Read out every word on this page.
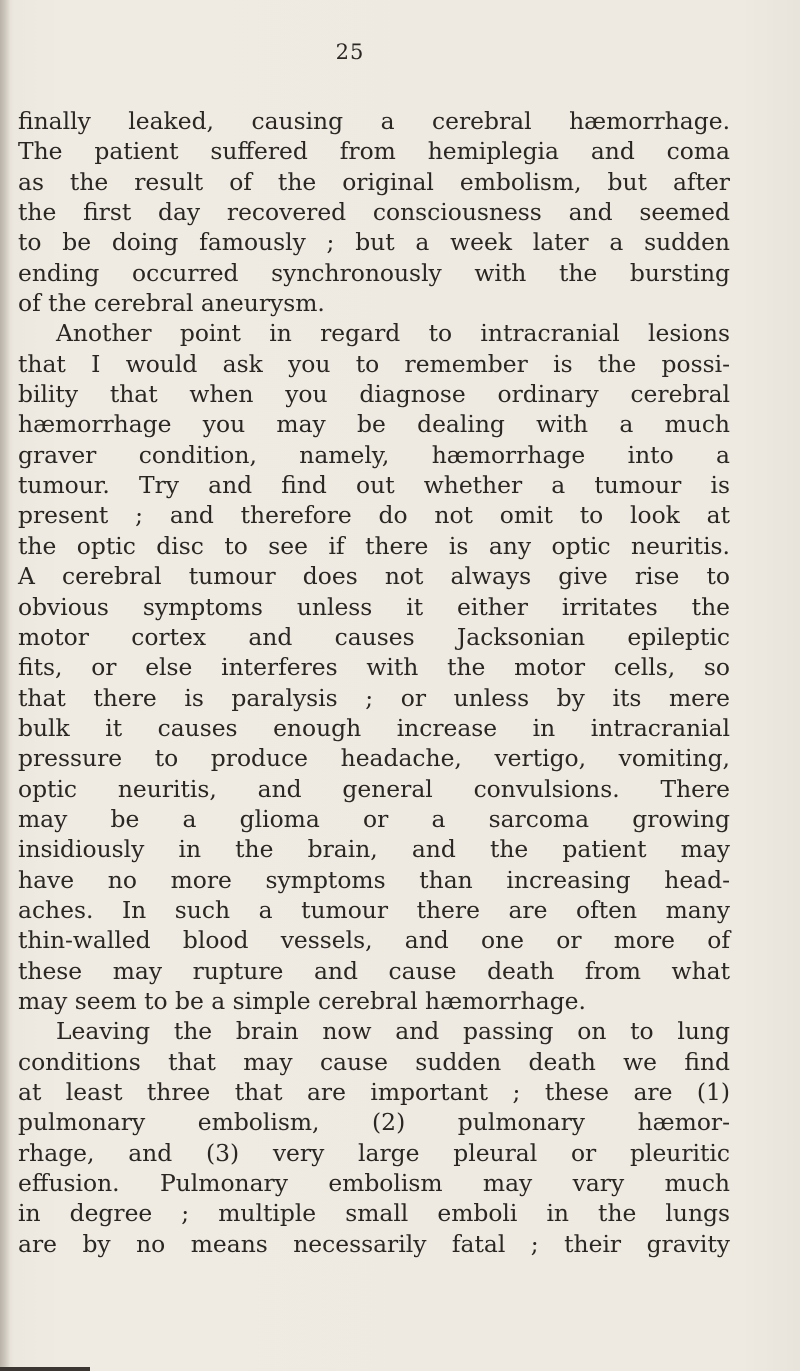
25
finally leaked, causing a cerebral hæmorrhage.
The patient suffered from hemiplegia and coma
as the result of the original embolism, but after
the first day recovered consciousness and seemed
to be doing famously ; but a week later a sudden
ending occurred synchronously with the bursting
of the cerebral aneurysm.
Another point in regard to intracranial lesions
that I would ask you to remember is the possi-
bility that when you diagnose ordinary cerebral
hæmorrhage you may be dealing with a much
graver condition, namely, hæmorrhage into a
tumour. Try and find out whether a tumour is
present ; and therefore do not omit to look at
the optic disc to see if there is any optic neuritis.
A cerebral tumour does not always give rise to
obvious symptoms unless it either irritates the
motor cortex and causes Jacksonian epileptic
fits, or else interferes with the motor cells, so
that there is paralysis ; or unless by its mere
bulk it causes enough increase in intracranial
pressure to produce headache, vertigo, vomiting,
optic neuritis, and general convulsions. There
may be a glioma or a sarcoma growing
insidiously in the brain, and the patient may
have no more symptoms than increasing head-
aches. In such a tumour there are often many
thin-walled blood vessels, and one or more of
these may rupture and cause death from what
may seem to be a simple cerebral hæmorrhage.
Leaving the brain now and passing on to lung
conditions that may cause sudden death we find
at least three that are important ; these are (1)
pulmonary embolism, (2) pulmonary hæmor-
rhage, and (3) very large pleural or pleuritic
effusion. Pulmonary embolism may vary much
in degree ; multiple small emboli in the lungs
are by no means necessarily fatal ; their gravity
